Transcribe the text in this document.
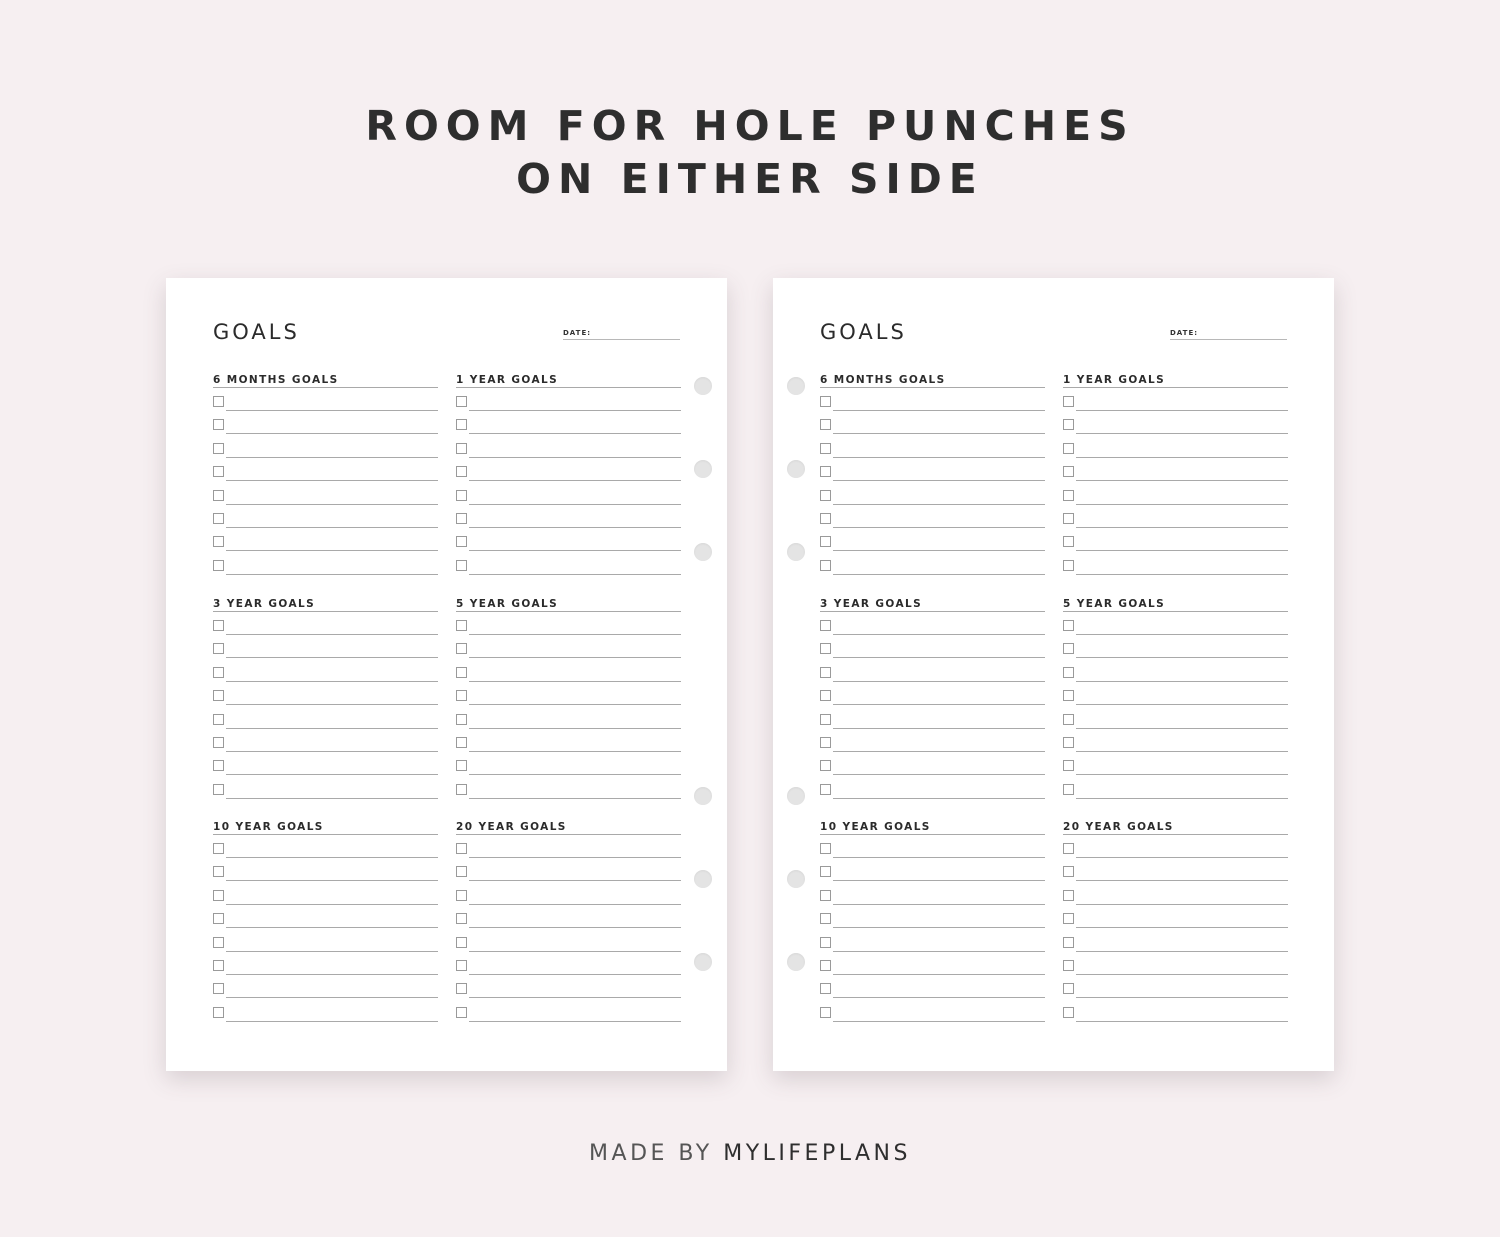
ROOM FOR HOLE PUNCHES
ON EITHER SIDE
GOALS	DATE:
6 MONTHS GOALS	1 YEAR GOALS
3 YEAR GOALS	5 YEAR GOALS
10 YEAR GOALS	20 YEAR GOALS
GOALS	DATE:
6 MONTHS GOALS	1 YEAR GOALS
3 YEAR GOALS	5 YEAR GOALS
10 YEAR GOALS	20 YEAR GOALS
MADE BY MYLIFEPLANS
